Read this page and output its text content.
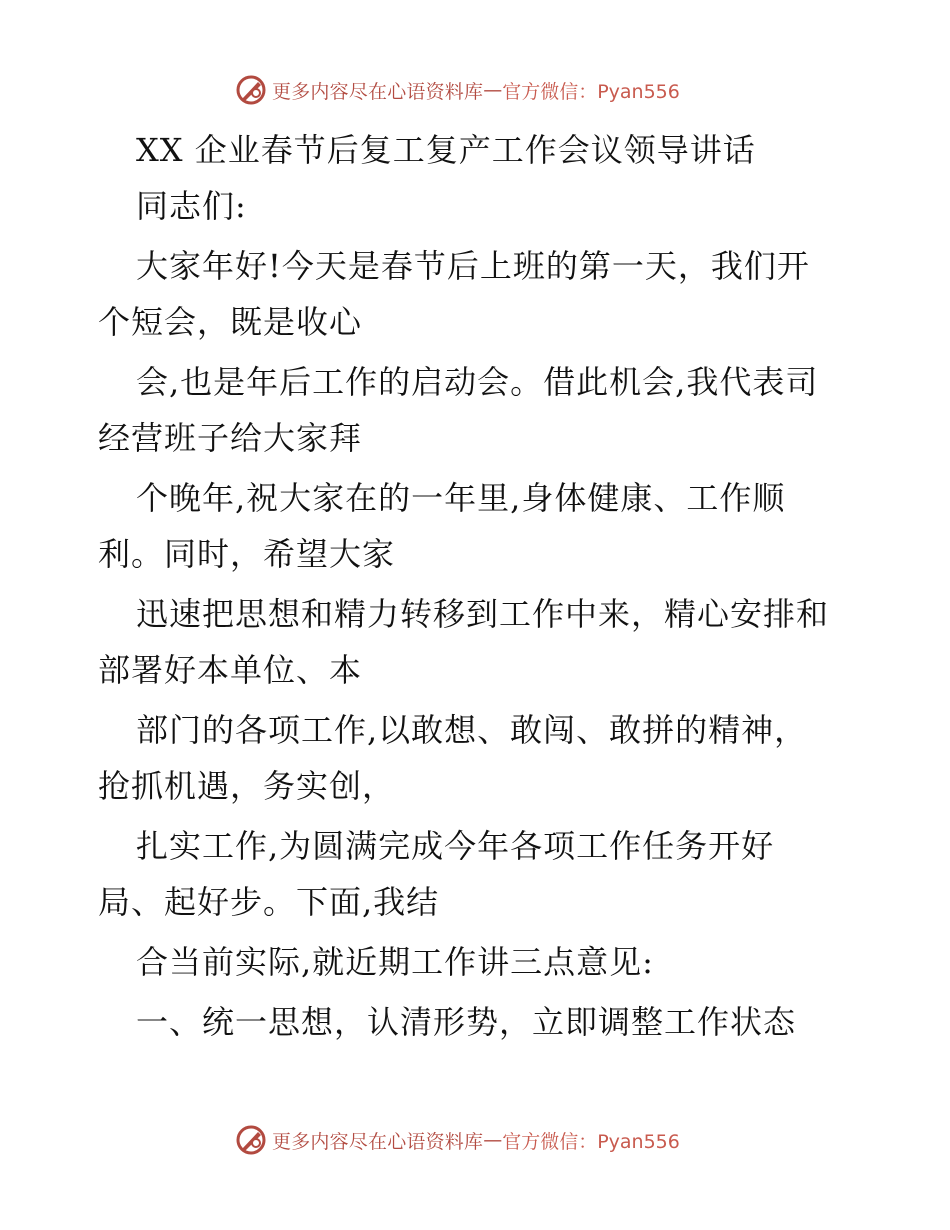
更多内容尽在心语资料库 — 官方微信：Pyan556
XX 企业春节后复工复产工作会议领导讲话
同志们:
大家年好!今天是春节后上班的第一天，我们开
个短会，既是收心
会,也是年后工作的启动会。借此机会,我代表司
经营班子给大家拜
个晚年,祝大家在的一年里,身体健康、工作顺
利。同时，希望大家
迅速把思想和精力转移到工作中来，精心安排和
部署好本单位、本
部门的各项工作,以敢想、敢闯、敢拼的精神，
抢抓机遇，务实创，
扎实工作,为圆满完成今年各项工作任务开好
局、起好步。下面,我结
合当前实际,就近期工作讲三点意见:
一、统一思想，认清形势，立即调整工作状态
更多内容尽在心语资料库 — 官方微信：Pyan556
